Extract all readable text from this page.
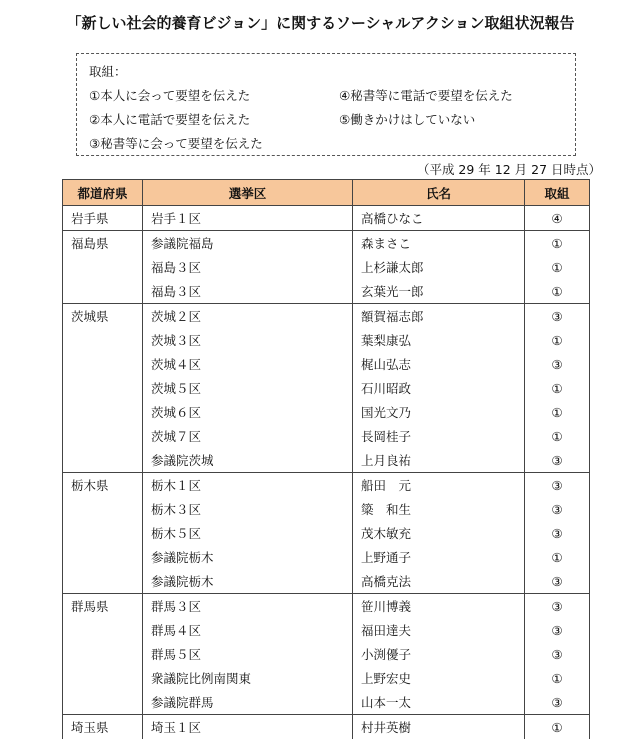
「新しい社会的養育ビジョン」に関するソーシャルアクション取組状況報告
取組：
①本人に会って要望を伝えた
②本人に電話で要望を伝えた
③秘書等に会って要望を伝えた
④秘書等に電話で要望を伝えた
⑤働きかけはしていない
（平成 29 年 12 月 27 日時点）
都道府県	選挙区	氏名	取組
岩手県	岩手１区	高橋ひなこ	④
福島県	参議院福島	森まさこ	①
	福島３区	上杉謙太郎	①
	福島３区	玄葉光一郎	①
茨城県	茨城２区	額賀福志郎	③
	茨城３区	葉梨康弘	①
	茨城４区	梶山弘志	③
	茨城５区	石川昭政	①
	茨城６区	国光文乃	①
	茨城７区	長岡桂子	①
	参議院茨城	上月良祐	③
栃木県	栃木１区	船田　元	③
	栃木３区	簗　和生	③
	栃木５区	茂木敏充	③
	参議院栃木	上野通子	①
	参議院栃木	高橋克法	③
群馬県	群馬３区	笹川博義	③
	群馬４区	福田達夫	③
	群馬５区	小渕優子	③
	衆議院比例南関東	上野宏史	①
	参議院群馬	山本一太	③
埼玉県	埼玉１区	村井英樹	①
